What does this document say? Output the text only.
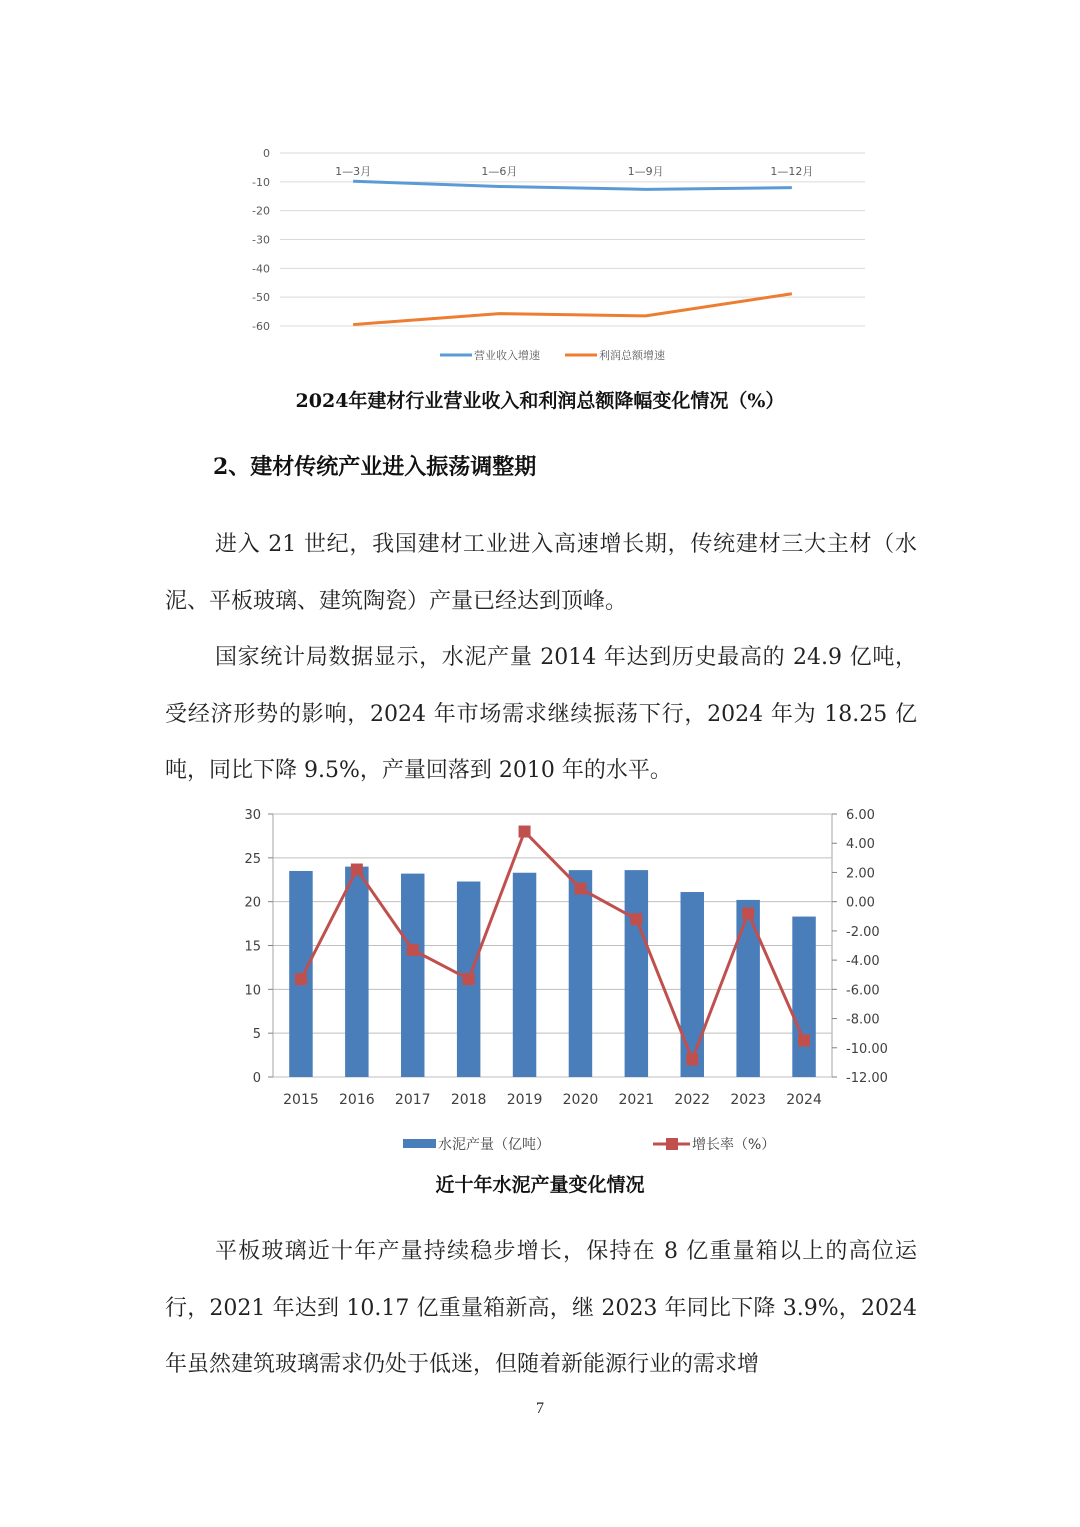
0
-10
-20
-30
-40
-50
-60
1—3月	1—6月	1—9月	1—12月
营业收入增速	利润总额增速
2024年建材行业营业收入和利润总额降幅变化情况（%）
2、建材传统产业进入振荡调整期

进入 21 世纪，我国建材工业进入高速增长期，传统建材三大主材（水泥、平板玻璃、建筑陶瓷）产量已经达到顶峰。

国家统计局数据显示，水泥产量 2014 年达到历史最高的 24.9 亿吨，受经济形势的影响，2024 年市场需求继续振荡下行，2024 年为 18.25 亿吨，同比下降 9.5%，产量回落到 2010 年的水平。

0
5
10
15
20
25
30	6.00
4.00
2.00
0.00
-2.00
-4.00
-6.00
-8.00
-10.00
-12.00
2015 2016 2017 2018 2019 2020 2021 2022 2023 2024
水泥产量（亿吨）	增长率（%）
近十年水泥产量变化情况

平板玻璃近十年产量持续稳步增长，保持在 8 亿重量箱以上的高位运行，2021 年达到 10.17 亿重量箱新高，继 2023 年同比下降 3.9%，2024 年虽然建筑玻璃需求仍处于低迷，但随着新能源行业的需求增

7
